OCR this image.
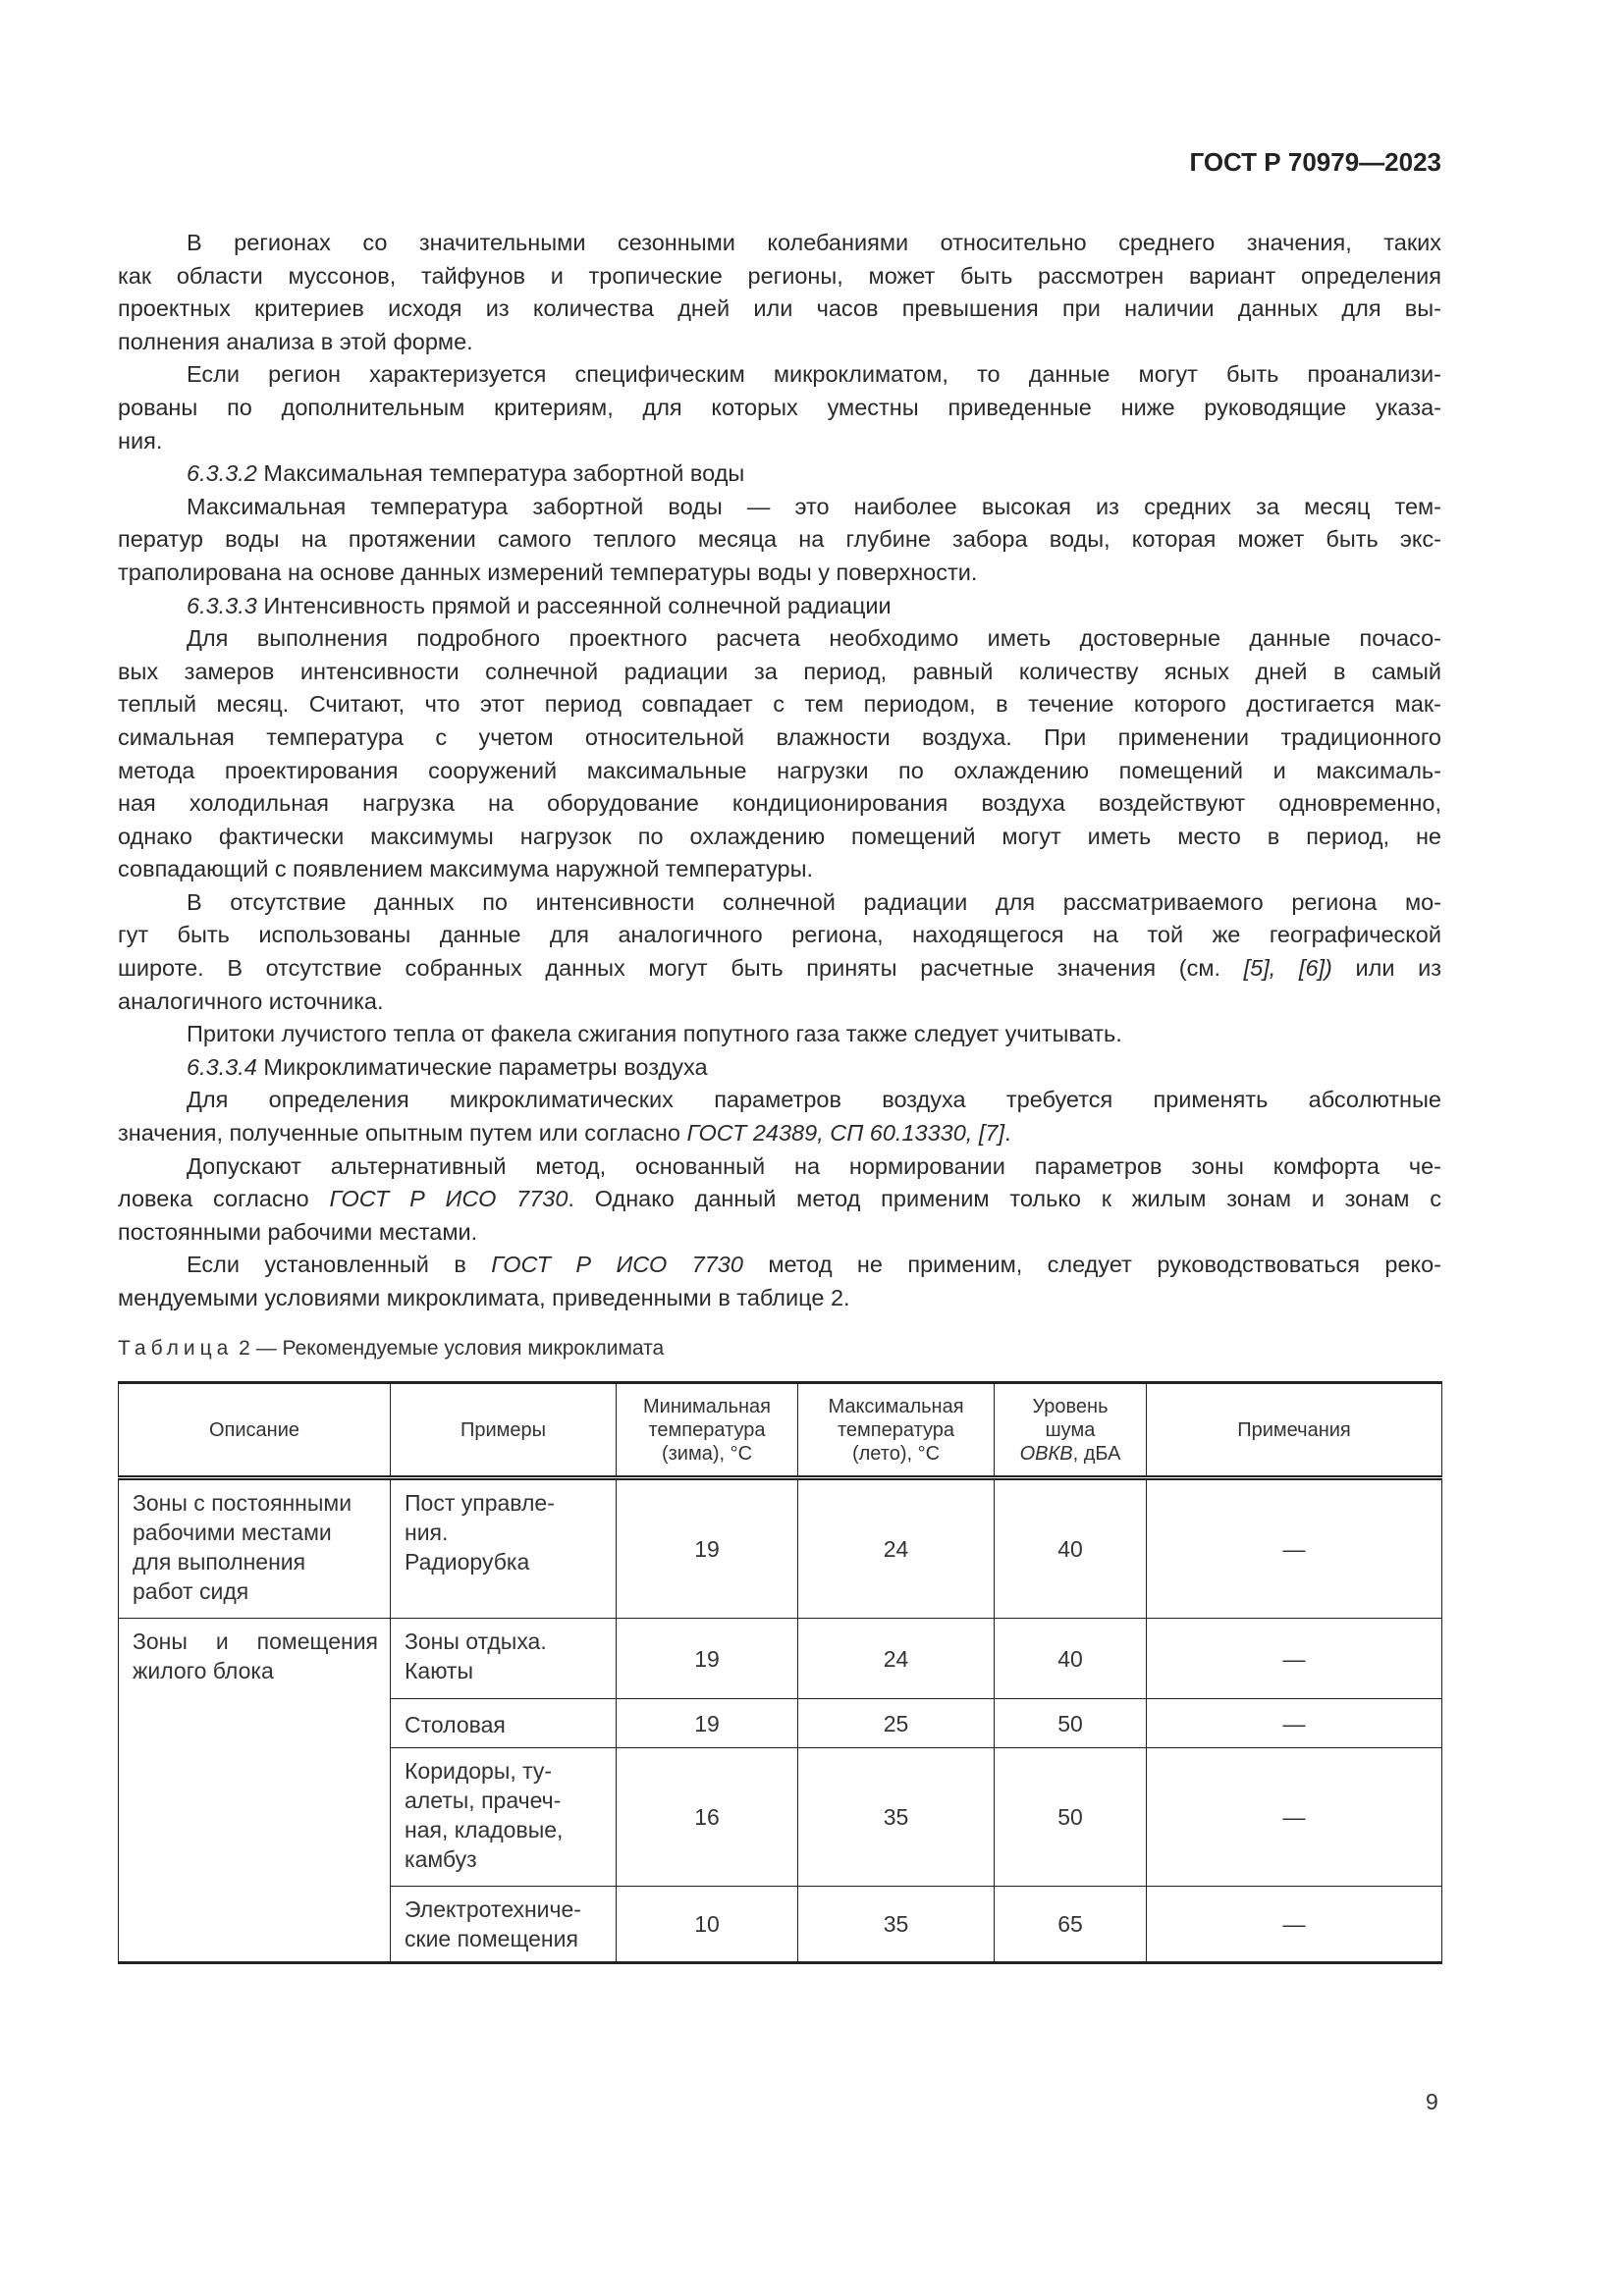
ГОСТ Р 70979—2023
В регионах со значительными сезонными колебаниями относительно среднего значения, таких
как области муссонов, тайфунов и тропические регионы, может быть рассмотрен вариант определения
проектных критериев исходя из количества дней или часов превышения при наличии данных для вы-
полнения анализа в этой форме.
Если регион характеризуется специфическим микроклиматом, то данные могут быть проанализи-
рованы по дополнительным критериям, для которых уместны приведенные ниже руководящие указа-
ния.
6.3.3.2 Максимальная температура забортной воды
Максимальная температура забортной воды — это наиболее высокая из средних за месяц тем-
ператур воды на протяжении самого теплого месяца на глубине забора воды, которая может быть экс-
траполирована на основе данных измерений температуры воды у поверхности.
6.3.3.3 Интенсивность прямой и рассеянной солнечной радиации
Для выполнения подробного проектного расчета необходимо иметь достоверные данные почасо-
вых замеров интенсивности солнечной радиации за период, равный количеству ясных дней в самый
теплый месяц. Считают, что этот период совпадает с тем периодом, в течение которого достигается мак-
симальная температура с учетом относительной влажности воздуха. При применении традиционного
метода проектирования сооружений максимальные нагрузки по охлаждению помещений и максималь-
ная холодильная нагрузка на оборудование кондиционирования воздуха воздействуют одновременно,
однако фактически максимумы нагрузок по охлаждению помещений могут иметь место в период, не
совпадающий с появлением максимума наружной температуры.
В отсутствие данных по интенсивности солнечной радиации для рассматриваемого региона мо-
гут быть использованы данные для аналогичного региона, находящегося на той же географической
широте. В отсутствие собранных данных могут быть приняты расчетные значения (см. [5], [6]) или из
аналогичного источника.
Притоки лучистого тепла от факела сжигания попутного газа также следует учитывать.
6.3.3.4 Микроклиматические параметры воздуха
Для определения микроклиматических параметров воздуха требуется применять абсолютные
значения, полученные опытным путем или согласно ГОСТ 24389, СП 60.13330, [7].
Допускают альтернативный метод, основанный на нормировании параметров зоны комфорта че-
ловека согласно ГОСТ Р ИСО 7730. Однако данный метод применим только к жилым зонам и зонам с
постоянными рабочими местами.
Если установленный в ГОСТ Р ИСО 7730 метод не применим, следует руководствоваться реко-
мендуемыми условиями микроклимата, приведенными в таблице 2.
Таблица 2 — Рекомендуемые условия микроклимата
Описание	Примеры	Минимальная
температура
(зима), °С	Максимальная
температура
(лето), °С	Уровень
шума
ОВКВ, дБА	Примечания

Зоны с постоянными
рабочими местами
для выполнения
работ сидя	Пост управле-
ния.
Радиорубка	19	24	40	—

Зоны и помещения
жилого блока	Зоны отдыха.
Каюты	19	24	40	—

	Столовая	19	25	50	—

	Коридоры, ту-
алеты, прачеч-
ная, кладовые,
камбуз	16	35	50	—

	Электротехниче-
ские помещения	10	35	65	—
9
